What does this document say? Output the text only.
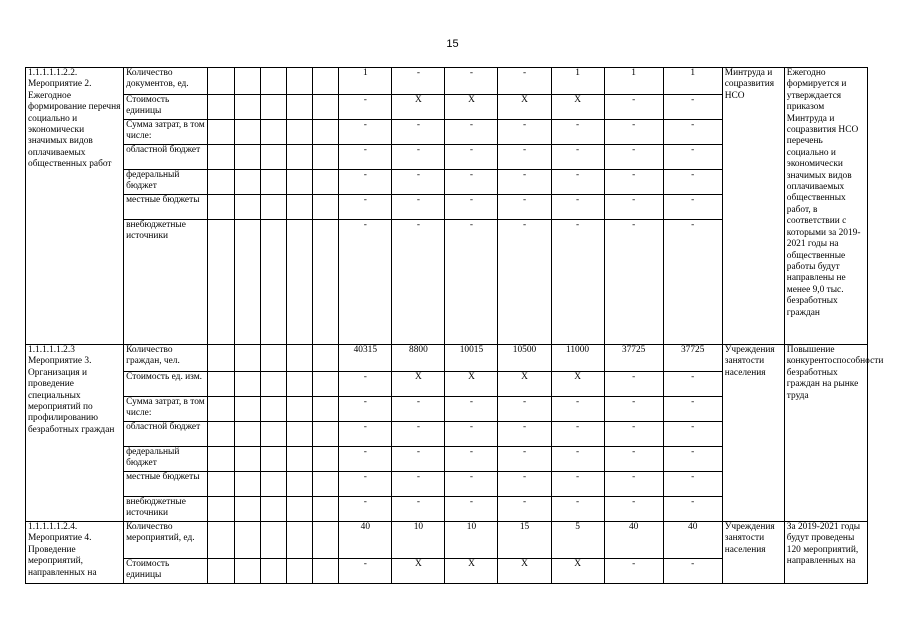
15
1.1.1.1.1.2.2. Мероприятие 2. Ежегодное формирование перечня социально и экономически значимых видов оплачиваемых общественных работ	Количество документов, ед.						1	-	-	-	1	1	1	Минтруда и соцразвития НСО	Ежегодно формируется и утверждается приказом Минтруда и соцразвития НСО перечень социально и экономически значимых видов оплачиваемых общественных работ, в соответствии с которыми за 2019-2021 годы на общественные работы будут направлены не менее 9,0 тыс. безработных граждан
	Стоимость единицы						-	X	X	X	X	-	-		
	Сумма затрат, в том числе:						-	-	-	-	-	-	-		
	областной бюджет						-	-	-	-	-	-	-		
	федеральный бюджет						-	-	-	-	-	-	-		
	местные бюджеты						-	-	-	-	-	-	-		
	внебюджетные источники						-	-	-	-	-	-	-		
1.1.1.1.1.2.3 Мероприятие 3. Организация и проведение специальных мероприятий по профилированию безработных граждан	Количество граждан, чел.						40315	8800	10015	10500	11000	37725	37725	Учреждения занятости населения	Повышение конкурентоспособности безработных граждан на рынке труда
	Стоимость ед. изм.						-	X	X	X	X	-	-		
	Сумма затрат, в том числе:						-	-	-	-	-	-	-		
	областной бюджет						-	-	-	-	-	-	-		
	федеральный бюджет						-	-	-	-	-	-	-		
	местные бюджеты						-	-	-	-	-	-	-		
	внебюджетные источники						-	-	-	-	-	-	-		
1.1.1.1.1.2.4. Мероприятие 4. Проведение мероприятий, направленных на	Количество мероприятий, ед.						40	10	10	15	5	40	40	Учреждения занятости населения	За 2019-2021 годы будут проведены 120 мероприятий, направленных на
	Стоимость единицы						-	X	X	X	X	-	-		
